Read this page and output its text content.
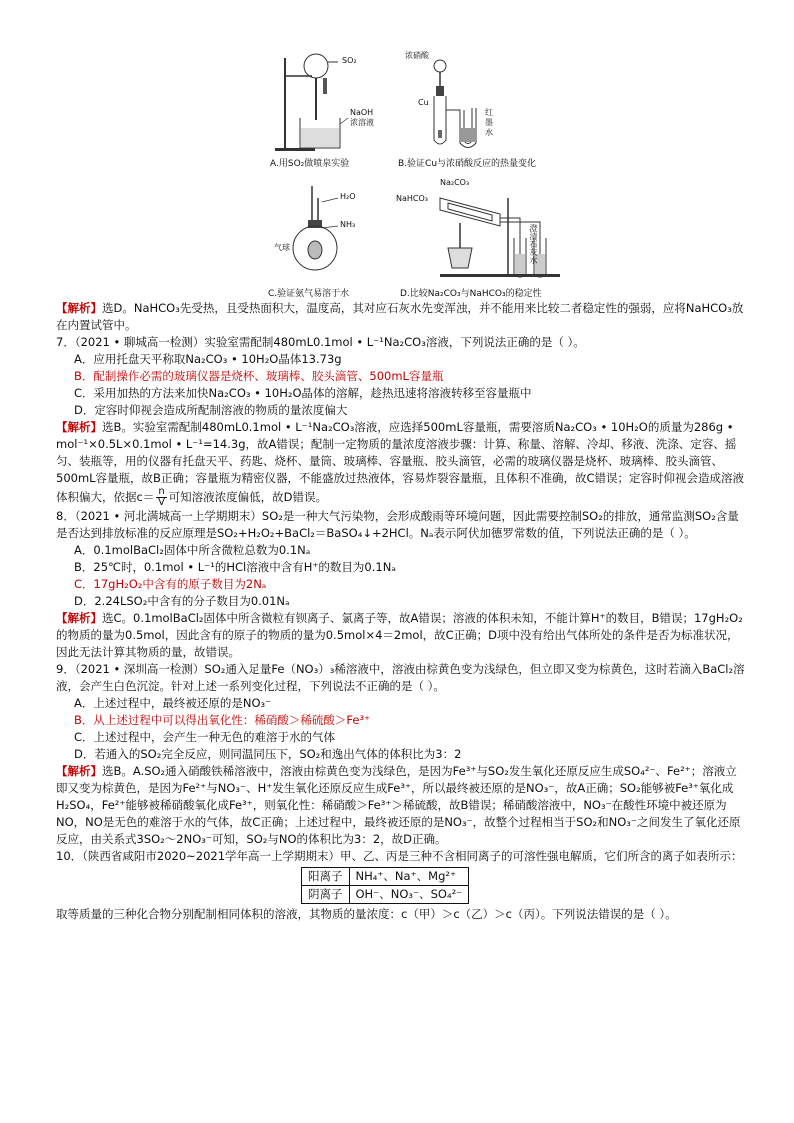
SO₂
NaOH
浓溶液
A.用SO₂做喷泉实验
浓硝酸
Cu
红
墨
水
B.验证Cu与浓硝酸反应的热量变化
H₂O
NH₃
气球
C.验证氨气易溶于水
Na₂CO₃
NaHCO₃
澄清石灰水
D.比较Na₂CO₃与NaHCO₃的稳定性

【解析】选D。NaHCO₃先受热，且受热面积大，温度高，其对应石灰水先变浑浊，并不能用来比较二者稳定性的强弱，应将NaHCO₃放在内置试管中。

7．（2021 • 聊城高一检测）实验室需配制480mL0.1mol • L⁻¹Na₂CO₃溶液，下列说法正确的是（ ）。

A．应用托盘天平称取Na₂CO₃ • 10H₂O晶体13.73g

B．配制操作必需的玻璃仪器是烧杯、玻璃棒、胶头滴管、500mL容量瓶

C．采用加热的方法来加快Na₂CO₃ • 10H₂O晶体的溶解，趁热迅速将溶液转移至容量瓶中

D．定容时仰视会造成所配制溶液的物质的量浓度偏大

【解析】选B。实验室需配制480mL0.1mol • L⁻¹Na₂CO₃溶液，应选择500mL容量瓶，需要溶质Na₂CO₃ • 10H₂O的质量为286g • mol⁻¹×0.5L×0.1mol • L⁻¹=14.3g，故A错误；配制一定物质的量浓度溶液步骤：计算、称量、溶解、冷却、移液、洗涤、定容、摇匀、装瓶等，用的仪器有托盘天平、药匙、烧杯、量筒、玻璃棒、容量瓶、胶头滴管，必需的玻璃仪器是烧杯、玻璃棒、胶头滴管、500mL容量瓶，故B正确；容量瓶为精密仪器，不能盛放过热液体，容易炸裂容量瓶，且体积不准确，故C错误；定容时仰视会造成溶液体积偏大，依据$c= \frac{n}{V}$ 可知溶液浓度偏低，故D错误。

8．（2021 • 河北满城高一上学期期末）SO₂是一种大气污染物，会形成酸雨等环境问题，因此需要控制SO₂的排放，通常监测SO₂含量是否达到排放标准的反应原理是SO₂+H₂O₂+BaCl₂＝BaSO₄↓+2HCl。Nₐ表示阿伏加德罗常数的值，下列说法正确的是（ ）。

A．0.1molBaCl₂固体中所含微粒总数为0.1Nₐ

B．25℃时，0.1mol • L⁻¹的HCl溶液中含有H⁺的数目为0.1Nₐ

C．17gH₂O₂中含有的原子数目为2Nₐ

D．2.24LSO₂中含有的分子数目为0.01Nₐ

【解析】选C。0.1molBaCl₂固体中所含微粒有钡离子、氯离子等，故A错误；溶液的体积未知，不能计算H⁺的数目，B错误；17gH₂O₂的物质的量为0.5mol，因此含有的原子的物质的量为0.5mol×4＝2mol，故C正确；D项中没有给出气体所处的条件是否为标准状况，因此无法计算其物质的量，故错误。

9．（2021 • 深圳高一检测）SO₂通入足量Fe（NO₃）₃稀溶液中，溶液由棕黄色变为浅绿色，但立即又变为棕黄色，这时若滴入BaCl₂溶液，会产生白色沉淀。针对上述一系列变化过程，下列说法不正确的是（ ）。

A．上述过程中，最终被还原的是NO₃⁻

B．从上述过程中可以得出氧化性：稀硝酸＞稀硫酸＞Fe³⁺

C．上述过程中，会产生一种无色的难溶于水的气体

D．若通入的SO₂完全反应，则同温同压下，SO₂和逸出气体的体积比为3：2

【解析】选B。A.SO₂通入硝酸铁稀溶液中，溶液由棕黄色变为浅绿色，是因为Fe³⁺与SO₂发生氧化还原反应生成SO₄²⁻、Fe²⁺；溶液立即又变为棕黄色，是因为Fe²⁺与NO₃⁻、H⁺发生氧化还原反应生成Fe³⁺，所以最终被还原的是NO₃⁻，故A正确；SO₂能够被Fe³⁺氧化成H₂SO₄，Fe²⁺能够被稀硝酸氧化成Fe³⁺，则氧化性：稀硝酸＞Fe³⁺＞稀硫酸，故B错误；稀硝酸溶液中，NO₃⁻在酸性环境中被还原为NO，NO是无色的难溶于水的气体，故C正确；上述过程中，最终被还原的是NO₃⁻，故整个过程相当于SO₂和NO₃⁻之间发生了氧化还原反应，由关系式3SO₂～2NO₃⁻可知，SO₂与NO的体积比为3：2，故D正确。

10．（陕西省咸阳市2020~2021学年高一上学期期末）甲、乙、丙是三种不含相同离子的可溶性强电解质，它们所含的离子如表所示：

阳离子	NH₄⁺、Na⁺、Mg²⁺
阴离子	OH⁻、NO₃⁻、SO₄²⁻

取等质量的三种化合物分别配制相同体积的溶液，其物质的量浓度：c（甲）＞c（乙）＞c（丙）。下列说法错误的是（ ）。
